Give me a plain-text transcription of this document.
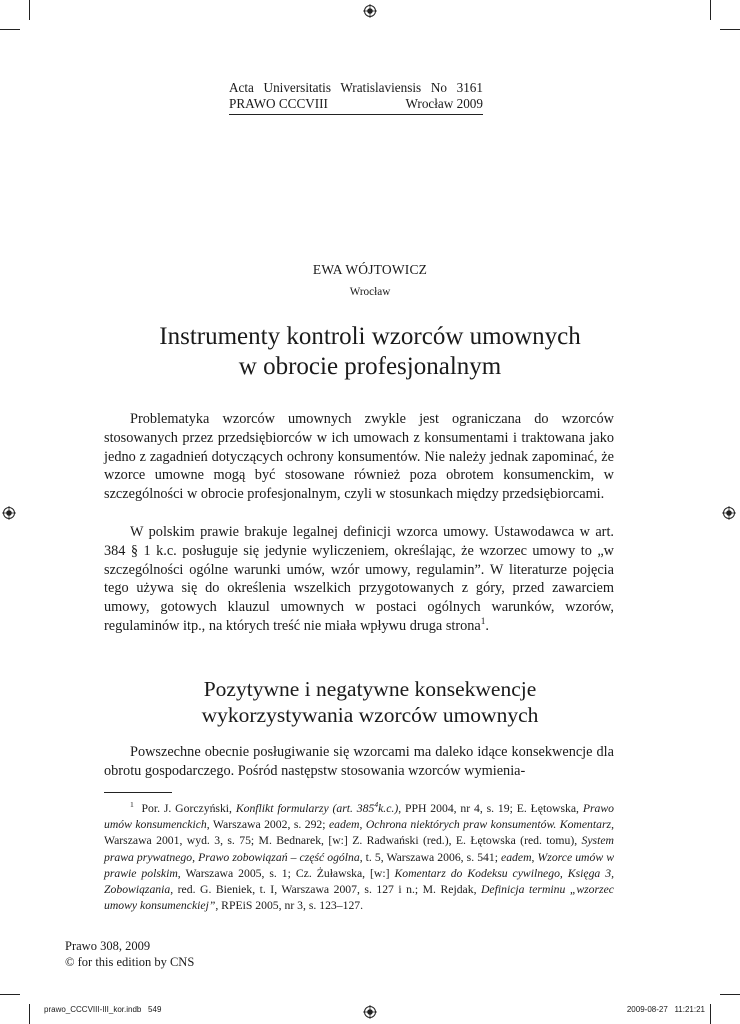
Acta Universitatis Wratislaviensis No 3161
PRAWO CCCVIII	Wrocław 2009
EWA WÓJTOWICZ
Wrocław
Instrumenty kontroli wzorców umownych
w obrocie profesjonalnym

Problematyka wzorców umownych zwykle jest ograniczana do wzorców stosowanych przez przedsiębiorców w ich umowach z konsumentami i traktowana jako jedno z zagadnień dotyczących ochrony konsumentów. Nie należy jednak zapominać, że wzorce umowne mogą być stosowane również poza obrotem konsumenckim, w szczególności w obrocie profesjonalnym, czyli w stosunkach między przedsiębiorcami.

W polskim prawie brakuje legalnej definicji wzorca umowy. Ustawodawca w art. 384 § 1 k.c. posługuje się jedynie wyliczeniem, określając, że wzorzec umowy to „w szczególności ogólne warunki umów, wzór umowy, regulamin”. W literaturze pojęcia tego używa się do określenia wszelkich przygotowanych z góry, przed zawarciem umowy, gotowych klauzul umownych w postaci ogólnych warunków, wzorów, regulaminów itp., na których treść nie miała wpływu druga strona$^1$.

Pozytywne i negatywne konsekwencje
wykorzystywania wzorców umownych

Powszechne obecnie posługiwanie się wzorcami ma daleko idące konsekwencje dla obrotu gospodarczego. Pośród następstw stosowania wzorców wymienia-

$^1$ Por. J. Gorczyński, Konflikt formularzy (art. $385^4k.c$.), PPH 2004, nr 4, s. 19; E. Łętowska, Prawo umów konsumenckich, Warszawa 2002, s. 292; eadem, Ochrona niektórych praw konsumentów. Komentarz, Warszawa 2001, wyd. 3, s. 75; M. Bednarek, [w:] Z. Radwański (red.), E. Łętowska (red. tomu), System prawa prywatnego, Prawo zobowiązań – część ogólna, t. 5, Warszawa 2006, s. 541; eadem, Wzorce umów w prawie polskim, Warszawa 2005, s. 1; Cz. Żuławska, [w:] Komentarz do Kodeksu cywilnego, Księga 3, Zobowiązania, red. G. Bieniek, t. I, Warszawa 2007, s. 127 i n.; M. Rejdak, Definicja terminu „wzorzec umowy konsumenckiej”, RPEiS 2005, nr 3, s. 123–127.

Prawo 308, 2009
© for this edition by CNS
prawo_CCCVIII-III_kor.indb   549	2009-08-27   11:21:21
